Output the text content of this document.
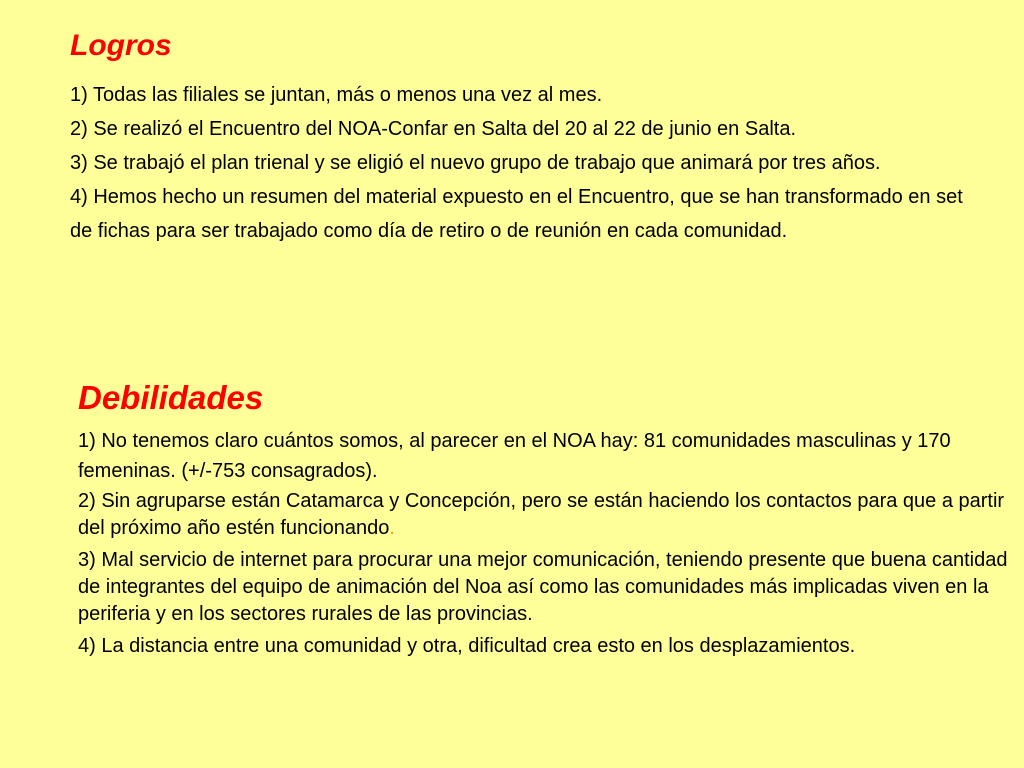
Logros
1) Todas las filiales se juntan, más o menos una vez al mes.
2) Se realizó el Encuentro del NOA-Confar en Salta del 20 al 22 de junio en Salta.
3) Se trabajó el plan trienal y se eligió el nuevo grupo de trabajo que animará por tres años.
4) Hemos hecho un resumen del material expuesto en el Encuentro, que se han transformado en set de fichas para ser trabajado como día de retiro o de reunión en cada comunidad.
Debilidades
1) No tenemos claro cuántos somos, al parecer en el NOA hay: 81 comunidades masculinas y 170 femeninas. (+/-753 consagrados).
2) Sin agruparse están Catamarca y Concepción, pero se están haciendo los contactos para que a partir del próximo año estén funcionando.
3) Mal servicio de internet para procurar una mejor comunicación, teniendo presente que buena cantidad de integrantes del equipo de animación del Noa así como las comunidades más implicadas viven en la periferia y en los sectores rurales de las provincias.
4) La distancia entre una comunidad y otra, dificultad crea esto en los desplazamientos.
